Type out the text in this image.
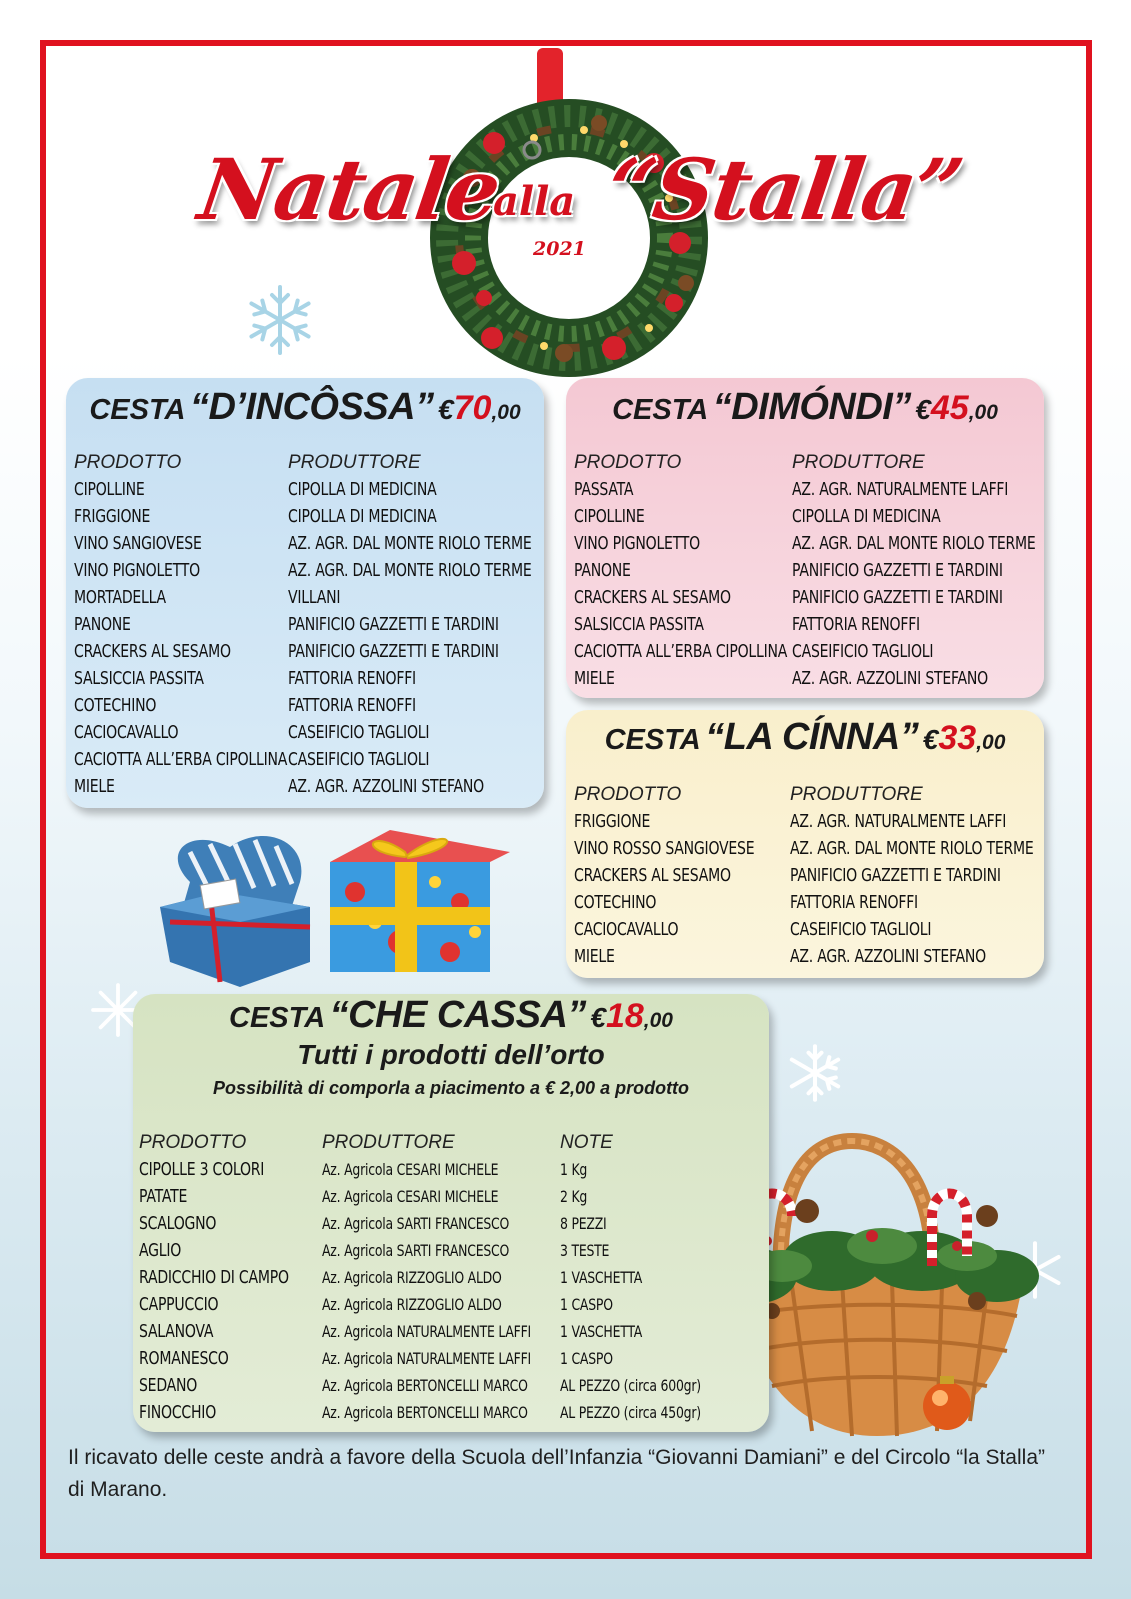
Natale
alla “Stalla”
2021
CESTA “D’INCÔSSA” €70,00
PRODOTTO
CIPOLLINE
FRIGGIONE
VINO SANGIOVESE
VINO PIGNOLETTO
MORTADELLA
PANONE
CRACKERS AL SESAMO
SALSICCIA PASSITA
COTECHINO
CACIOCAVALLO
CACIOTTA ALL’ERBA CIPOLLINA
MIELE
PRODUTTORE
CIPOLLA DI MEDICINA
CIPOLLA DI MEDICINA
AZ. AGR. DAL MONTE RIOLO TERME
AZ. AGR. DAL MONTE RIOLO TERME
VILLANI
PANIFICIO GAZZETTI E TARDINI
PANIFICIO GAZZETTI E TARDINI
FATTORIA RENOFFI
FATTORIA RENOFFI
CASEIFICIO TAGLIOLI
CASEIFICIO TAGLIOLI
AZ. AGR. AZZOLINI STEFANO
CESTA “DIMÓNDI” €45,00
PRODOTTO
PASSATA
CIPOLLINE
VINO PIGNOLETTO
PANONE
CRACKERS AL SESAMO
SALSICCIA PASSITA
CACIOTTA ALL’ERBA CIPOLLINA
MIELE
PRODUTTORE
AZ. AGR. NATURALMENTE LAFFI
CIPOLLA DI MEDICINA
AZ. AGR. DAL MONTE RIOLO TERME
PANIFICIO GAZZETTI E TARDINI
PANIFICIO GAZZETTI E TARDINI
FATTORIA RENOFFI
CASEIFICIO TAGLIOLI
AZ. AGR. AZZOLINI STEFANO
CESTA “LA CÍNNA” €33,00
PRODOTTO
FRIGGIONE
VINO ROSSO SANGIOVESE
CRACKERS AL SESAMO
COTECHINO
CACIOCAVALLO
MIELE
PRODUTTORE
AZ. AGR. NATURALMENTE LAFFI
AZ. AGR. DAL MONTE RIOLO TERME
PANIFICIO GAZZETTI E TARDINI
FATTORIA RENOFFI
CASEIFICIO TAGLIOLI
AZ. AGR. AZZOLINI STEFANO
CESTA “CHE CASSA” €18,00
Tutti i prodotti dell’orto
Possibilità di comporla a piacimento a € 2,00 a prodotto
PRODOTTO
CIPOLLE 3 COLORI
PATATE
SCALOGNO
AGLIO
RADICCHIO DI CAMPO
CAPPUCCIO
SALANOVA
ROMANESCO
SEDANO
FINOCCHIO
PRODUTTORE
Az. Agricola CESARI MICHELE
Az. Agricola CESARI MICHELE
Az. Agricola SARTI FRANCESCO
Az. Agricola SARTI FRANCESCO
Az. Agricola RIZZOGLIO ALDO
Az. Agricola RIZZOGLIO ALDO
Az. Agricola NATURALMENTE LAFFI
Az. Agricola NATURALMENTE LAFFI
Az. Agricola BERTONCELLI MARCO
Az. Agricola BERTONCELLI MARCO
NOTE
1 Kg
2 Kg
8 PEZZI
3 TESTE
1 VASCHETTA
1 CASPO
1 VASCHETTA
1 CASPO
AL PEZZO (circa 600gr)
AL PEZZO (circa 450gr)
Il ricavato delle ceste andrà a favore della Scuola dell’Infanzia “Giovanni Damiani” e del Circolo “la Stalla” di Marano.
